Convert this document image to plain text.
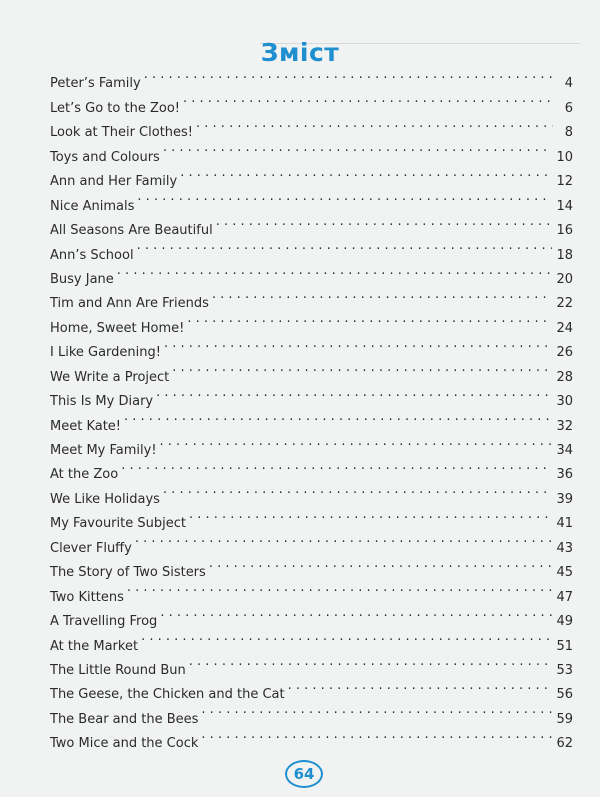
Зміст
Peter’s Family . . .	4
Let’s Go to the Zoo! . . .	6
Look at Their Clothes! . . .	8
Toys and Colours . . .	10
Ann and Her Family . . .	12
Nice Animals . . .	14
All Seasons Are Beautiful . . .	16
Ann’s School . . .	18
Busy Jane . . .	20
Tim and Ann Are Friends . . .	22
Home, Sweet Home! . . .	24
I Like Gardening! . . .	26
We Write a Project . . .	28
This Is My Diary . . .	30
Meet Kate! . . .	32
Meet My Family! . . .	34
At the Zoo . . .	36
We Like Holidays . . .	39
My Favourite Subject . . .	41
Clever Fluffy . . .	43
The Story of Two Sisters . . .	45
Two Kittens . . .	47
A Travelling Frog . . .	49
At the Market . . .	51
The Little Round Bun . . .	53
The Geese, the Chicken and the Cat . . .	56
The Bear and the Bees . . .	59
Two Mice and the Cock . . .	62
64
